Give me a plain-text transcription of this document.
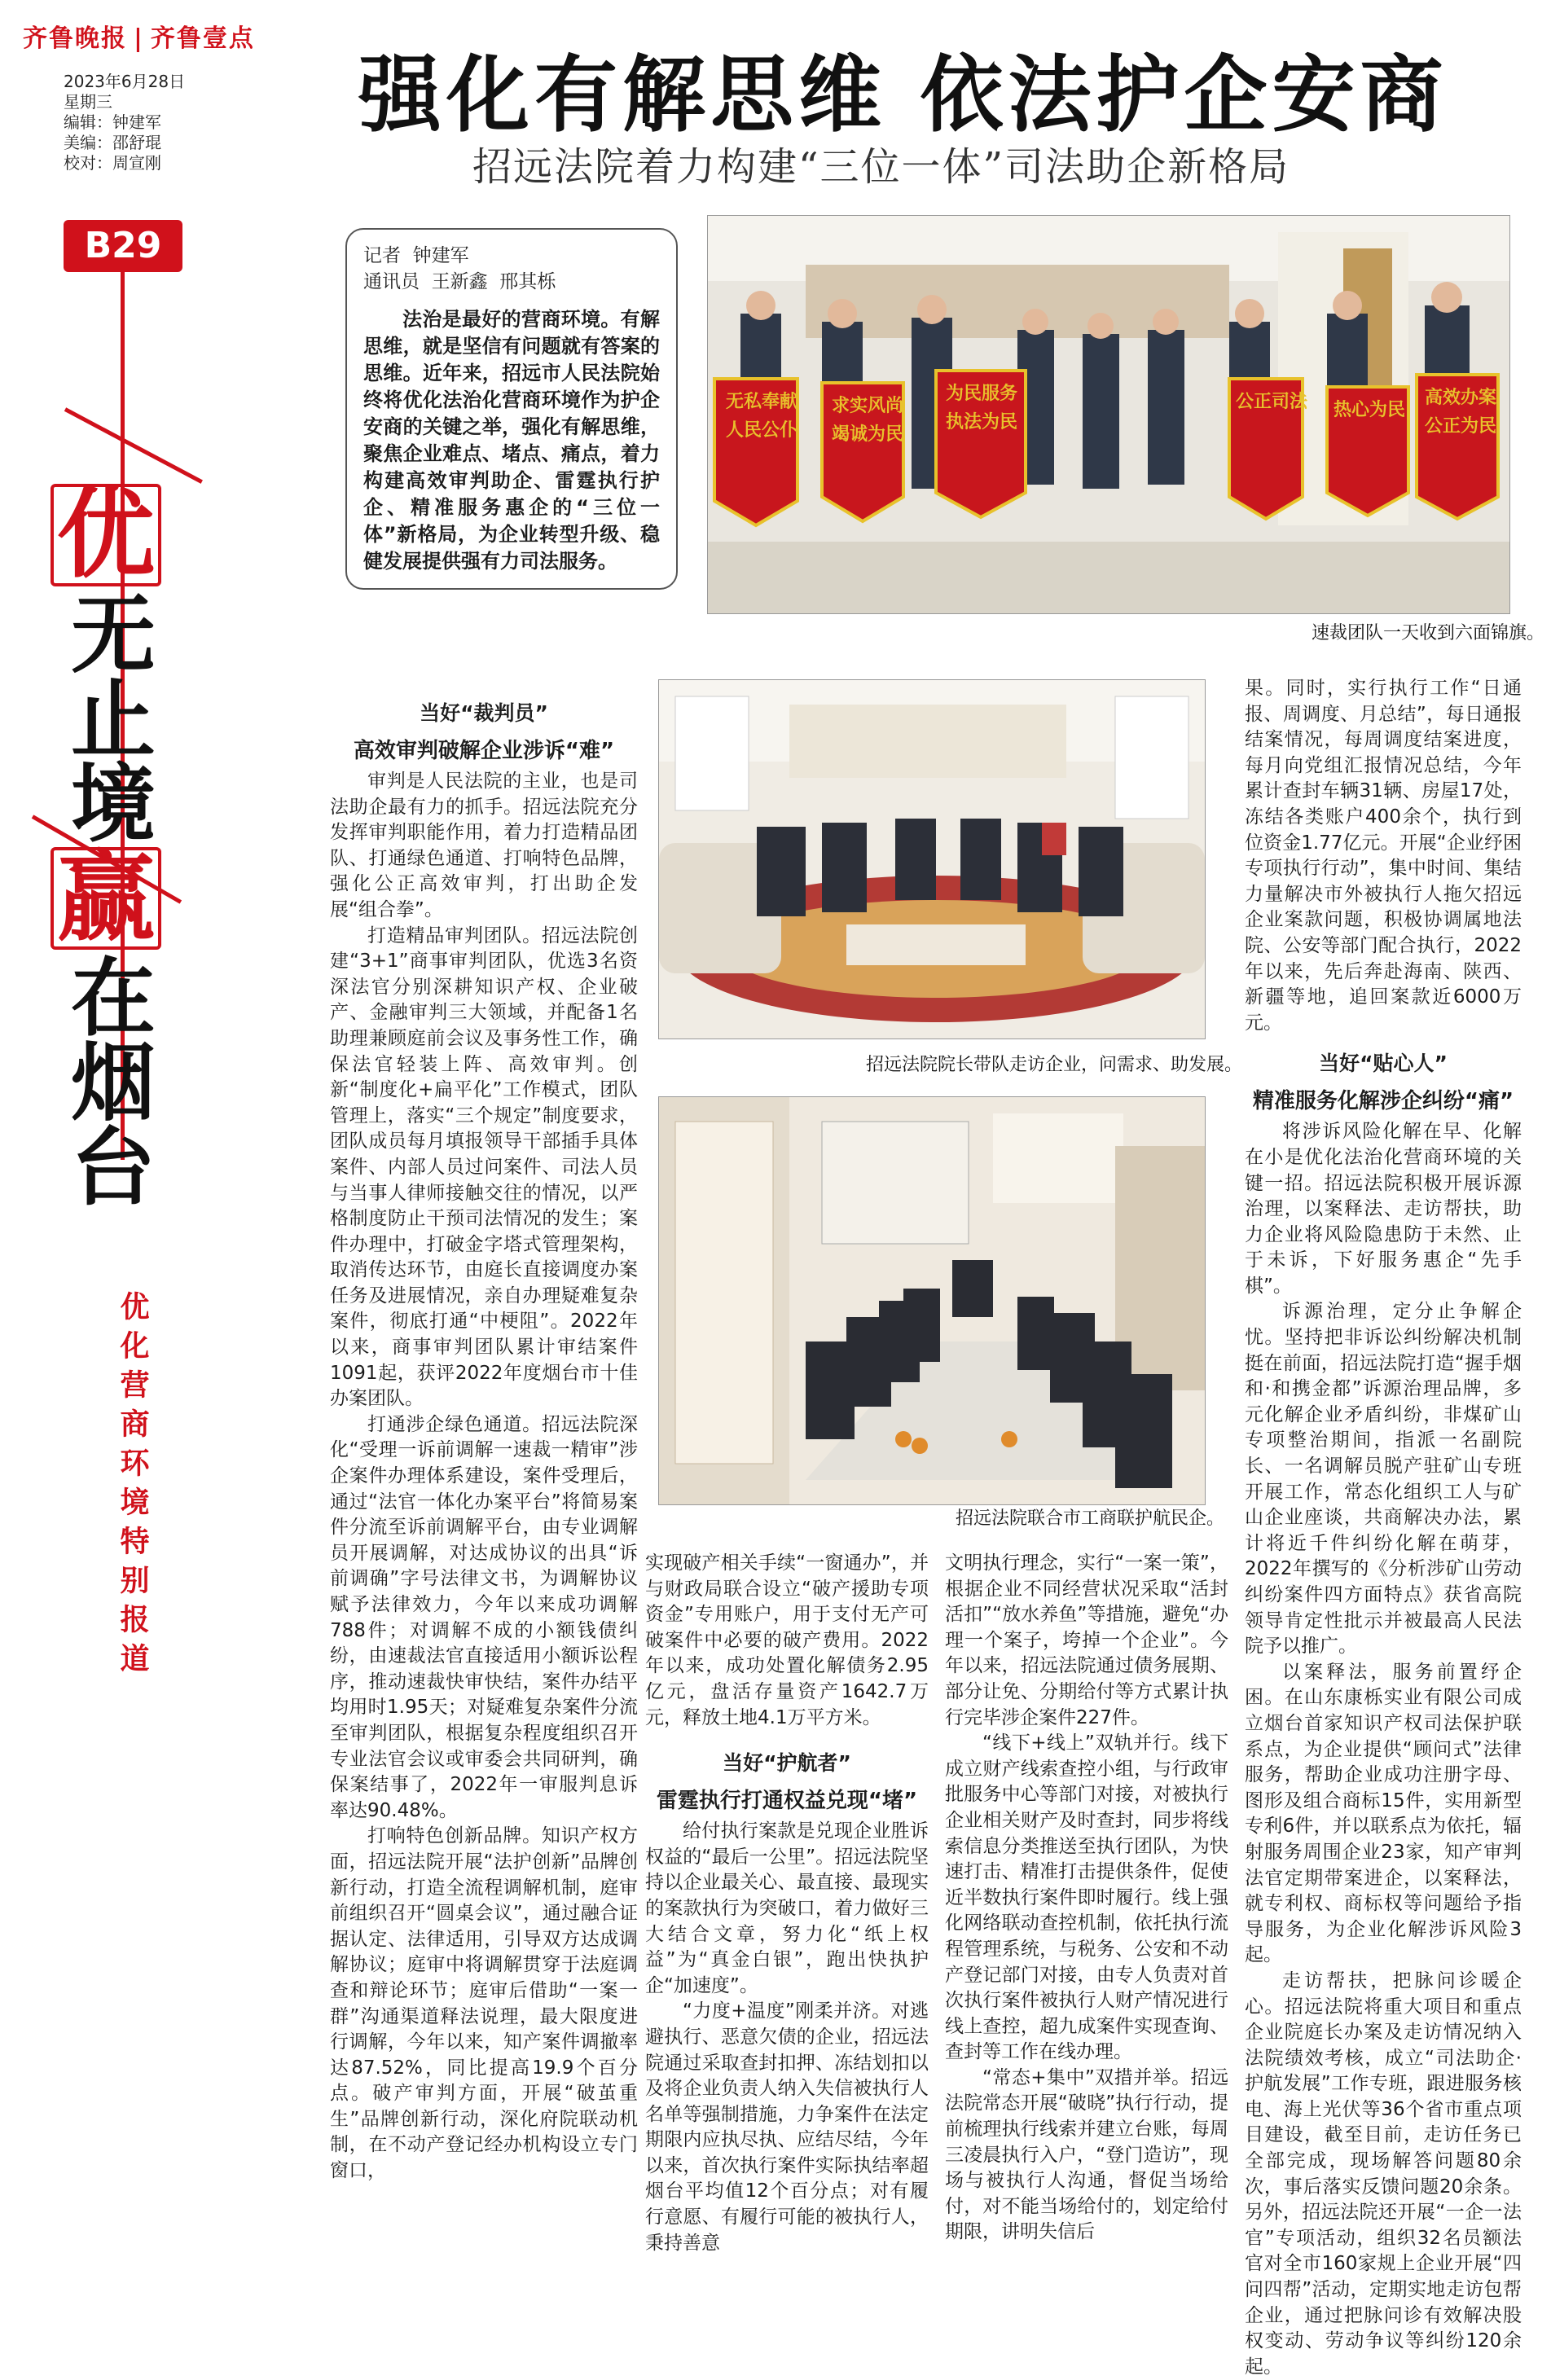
齐鲁晚报 | 齐鲁壹点
2023年6月28日
星期三
编辑：钟建军
美编：邵舒琨
校对：周宣刚
强化有解思维 依法护企安商
招远法院着力构建“三位一体”司法助企新格局
B29
优
无止境
赢
在烟台
优化营商环境特别报道
记者  钟建军
通讯员  王新鑫  邢其栎

法治是最好的营商环境。有解思维，就是坚信有问题就有答案的思维。近年来，招远市人民法院始终将优化法治化营商环境作为护企安商的关键之举，强化有解思维，聚焦企业难点、堵点、痛点，着力构建高效审判助企、雷霆执行护企、精准服务惠企的“三位一体”新格局，为企业转型升级、稳健发展提供强有力司法服务。

无私奉献
人民公仆
求实风尚
竭诚为民
为民服务
执法为民
公正司法 热心为民
高效办案
公正为民
速裁团队一天收到六面锦旗。
招远法院院长带队走访企业，问需求、助发展。
招远法院联合市工商联护航民企。
当好“裁判员”
高效审判破解企业涉诉“难”

审判是人民法院的主业，也是司法助企最有力的抓手。招远法院充分发挥审判职能作用，着力打造精品团队、打通绿色通道、打响特色品牌，强化公正高效审判，打出助企发展“组合拳”。

打造精品审判团队。招远法院创建“3+1”商事审判团队，优选3名资深法官分别深耕知识产权、企业破产、金融审判三大领域，并配备1名助理兼顾庭前会议及事务性工作，确保法官轻装上阵、高效审判。创新“制度化+扁平化”工作模式，团队管理上，落实“三个规定”制度要求，团队成员每月填报领导干部插手具体案件、内部人员过问案件、司法人员与当事人律师接触交往的情况，以严格制度防止干预司法情况的发生；案件办理中，打破金字塔式管理架构，取消传达环节，由庭长直接调度办案任务及进展情况，亲自办理疑难复杂案件，彻底打通“中梗阻”。2022年以来，商事审判团队累计审结案件1091起，获评2022年度烟台市十佳办案团队。

打通涉企绿色通道。招远法院深化“受理一诉前调解一速裁一精审”涉企案件办理体系建设，案件受理后，通过“法官一体化办案平台”将简易案件分流至诉前调解平台，由专业调解员开展调解，对达成协议的出具“诉前调确”字号法律文书，为调解协议赋予法律效力，今年以来成功调解788件；对调解不成的小额钱债纠纷，由速裁法官直接适用小额诉讼程序，推动速裁快审快结，案件办结平均用时1.95天；对疑难复杂案件分流至审判团队，根据复杂程度组织召开专业法官会议或审委会共同研判，确保案结事了，2022年一审服判息诉率达90.48%。

打响特色创新品牌。知识产权方面，招远法院开展“法护创新”品牌创新行动，打造全流程调解机制，庭审前组织召开“圆桌会议”，通过融合证据认定、法律适用，引导双方达成调解协议；庭审中将调解贯穿于法庭调查和辩论环节；庭审后借助“一案一群”沟通渠道释法说理，最大限度进行调解，今年以来，知产案件调撤率达87.52%，同比提高19.9个百分点。破产审判方面，开展“破茧重生”品牌创新行动，深化府院联动机制，在不动产登记经办机构设立专门窗口，

实现破产相关手续“一窗通办”，并与财政局联合设立“破产援助专项资金”专用账户，用于支付无产可破案件中必要的破产费用。2022年以来，成功处置化解债务2.95亿元，盘活存量资产1642.7万元，释放土地4.1万平方米。

当好“护航者”
雷霆执行打通权益兑现“堵”

给付执行案款是兑现企业胜诉权益的“最后一公里”。招远法院坚持以企业最关心、最直接、最现实的案款执行为突破口，着力做好三大结合文章，努力化“纸上权益”为“真金白银”，跑出快执护企“加速度”。

“力度+温度”刚柔并济。对逃避执行、恶意欠债的企业，招远法院通过采取查封扣押、冻结划扣以及将企业负责人纳入失信被执行人名单等强制措施，力争案件在法定期限内应执尽执、应结尽结，今年以来，首次执行案件实际执结率超烟台平均值12个百分点；对有履行意愿、有履行可能的被执行人，秉持善意

文明执行理念，实行“一案一策”，根据企业不同经营状况采取“活封活扣”“放水养鱼”等措施，避免“办理一个案子，垮掉一个企业”。今年以来，招远法院通过债务展期、部分让免、分期给付等方式累计执行完毕涉企案件227件。

“线下+线上”双轨并行。线下成立财产线索查控小组，与行政审批服务中心等部门对接，对被执行企业相关财产及时查封，同步将线索信息分类推送至执行团队，为快速打击、精准打击提供条件，促使近半数执行案件即时履行。线上强化网络联动查控机制，依托执行流程管理系统，与税务、公安和不动产登记部门对接，由专人负责对首次执行案件被执行人财产情况进行线上查控，超九成案件实现查询、查封等工作在线办理。

“常态+集中”双措并举。招远法院常态开展“破晓”执行行动，提前梳理执行线索并建立台账，每周三凌晨执行入户，“登门造访”，现场与被执行人沟通，督促当场给付，对不能当场给付的，划定给付期限，讲明失信后

果。同时，实行执行工作“日通报、周调度、月总结”，每日通报结案情况，每周调度结案进度，每月向党组汇报情况总结，今年累计查封车辆31辆、房屋17处，冻结各类账户400余个，执行到位资金1.77亿元。开展“企业纾困专项执行行动”，集中时间、集结力量解决市外被执行人拖欠招远企业案款问题，积极协调属地法院、公安等部门配合执行，2022年以来，先后奔赴海南、陕西、新疆等地，追回案款近6000万元。

当好“贴心人”
精准服务化解涉企纠纷“痛”

将涉诉风险化解在早、化解在小是优化法治化营商环境的关键一招。招远法院积极开展诉源治理，以案释法、走访帮扶，助力企业将风险隐患防于未然、止于未诉，下好服务惠企“先手棋”。

诉源治理，定分止争解企忧。坚持把非诉讼纠纷解决机制挺在前面，招远法院打造“握手烟和·和携金都”诉源治理品牌，多元化解企业矛盾纠纷，非煤矿山专项整治期间，指派一名副院长、一名调解员脱产驻矿山专班开展工作，常态化组织工人与矿山企业座谈，共商解决办法，累计将近千件纠纷化解在萌芽，2022年撰写的《分析涉矿山劳动纠纷案件四方面特点》获省高院领导肯定性批示并被最高人民法院予以推广。

以案释法，服务前置纾企困。在山东康栎实业有限公司成立烟台首家知识产权司法保护联系点，为企业提供“顾问式”法律服务，帮助企业成功注册字母、图形及组合商标15件，实用新型专利6件，并以联系点为依托，辐射服务周围企业23家，知产审判法官定期带案进企，以案释法，就专利权、商标权等问题给予指导服务，为企业化解涉诉风险3起。

走访帮扶，把脉问诊暖企心。招远法院将重大项目和重点企业院庭长办案及走访情况纳入法院绩效考核，成立“司法助企·护航发展”工作专班，跟进服务核电、海上光伏等36个省市重点项目建设，截至目前，走访任务已全部完成，现场解答问题80余次，事后落实反馈问题20余条。另外，招远法院还开展“一企一法官”专项活动，组织32名员额法官对全市160家规上企业开展“四问四帮”活动，定期实地走访包帮企业，通过把脉问诊有效解决股权变动、劳动争议等纠纷120余起。
